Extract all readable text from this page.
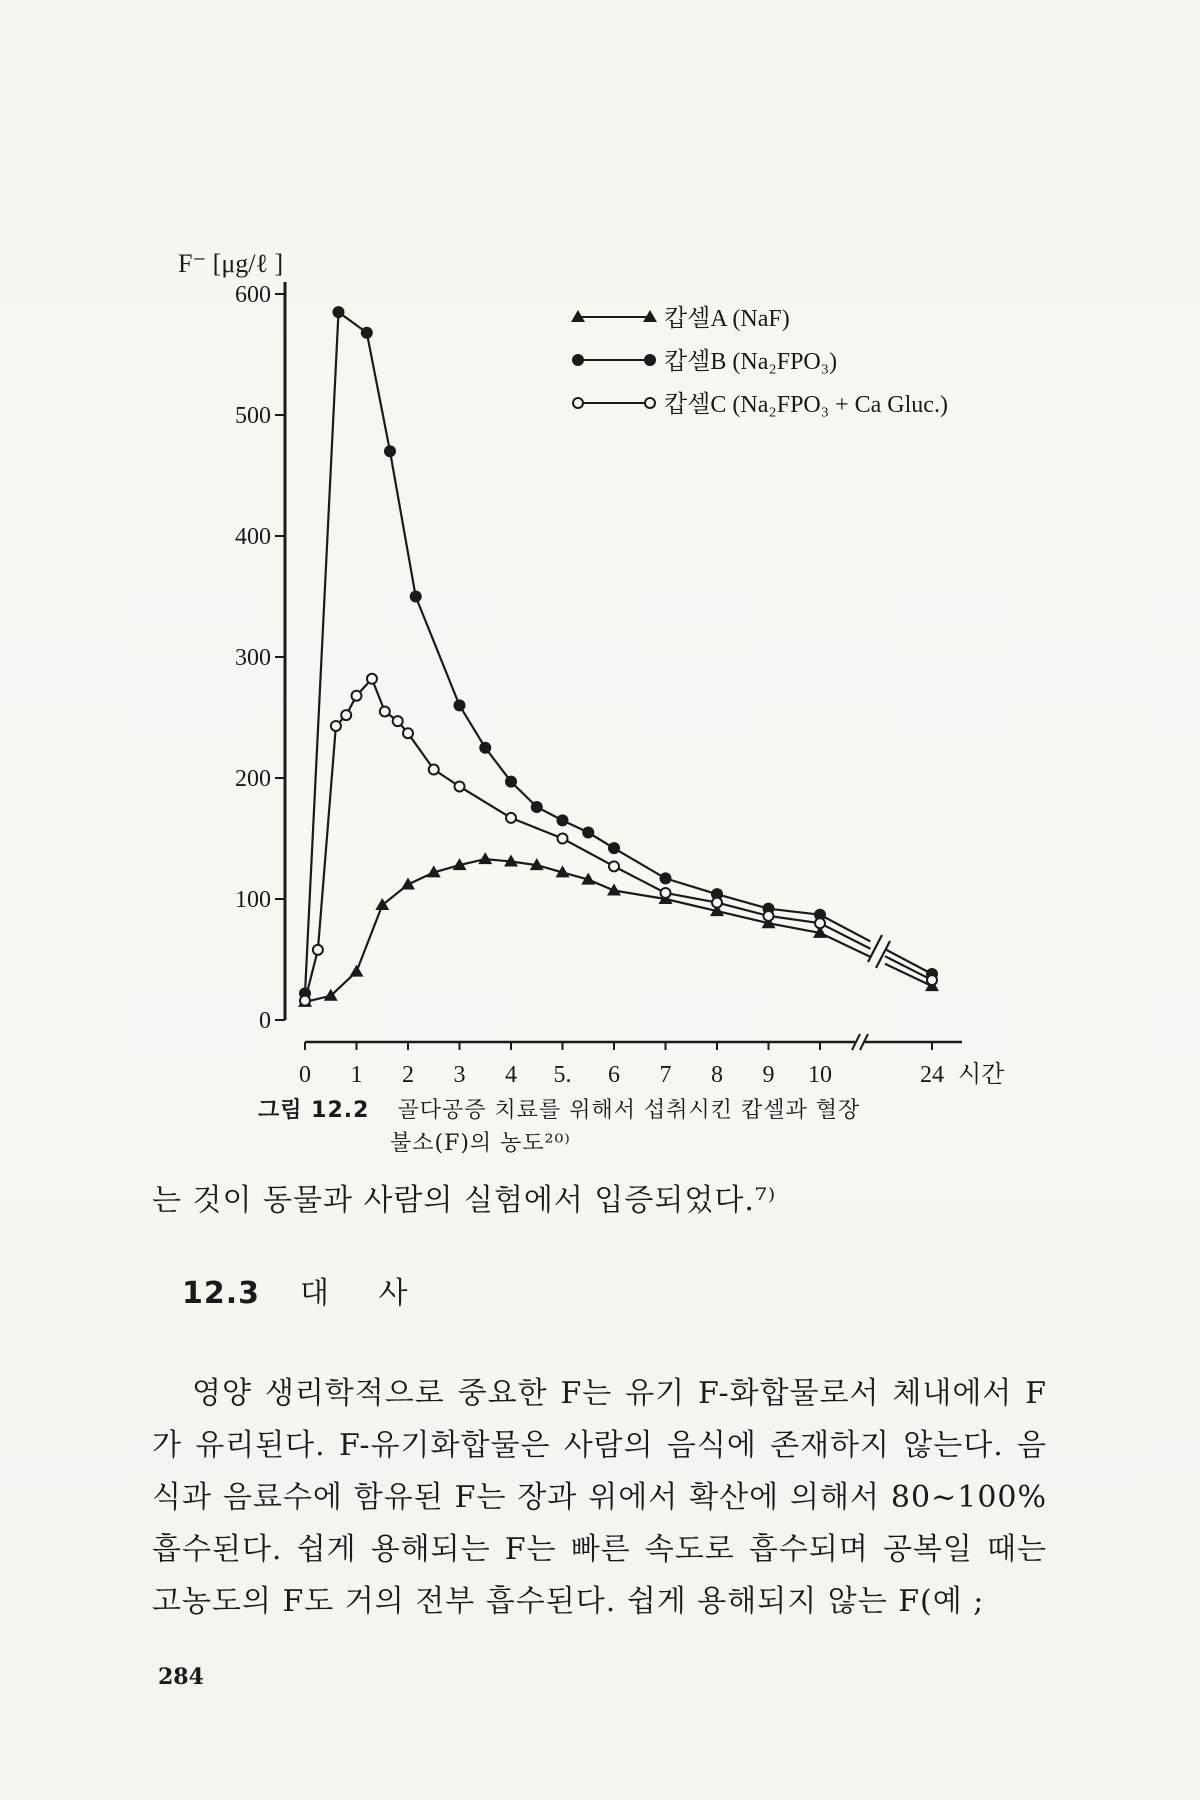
F⁻ [μg/ℓ ]
0
100
200
300
400
500
600
0 1 2 3 4 5. 6 7 8 9 10	24 시간
캅셀A (NaF)
캅셀B (Na₂FPO₃)
캅셀C (Na₂FPO₃ + Ca Gluc.)
그림 12.2 골다공증 치료를 위해서 섭취시킨 캅셀과 혈장
불소(F)의 농도²⁰⁾
는 것이 동물과 사람의 실험에서 입증되었다.⁷⁾
12.3 대 사
영양 생리학적으로 중요한 F는 유기 F-화합물로서 체내에서 F 가 유리된다. F-유기화합물은 사람의 음식에 존재하지 않는다. 음식과 음료수에 함유된 F는 장과 위에서 확산에 의해서 80~100% 흡수된다. 쉽게 용해되는 F는 빠른 속도로 흡수되며 공복일 때는 고농도의 F도 거의 전부 흡수된다. 쉽게 용해되지 않는 F(예 ;
284
